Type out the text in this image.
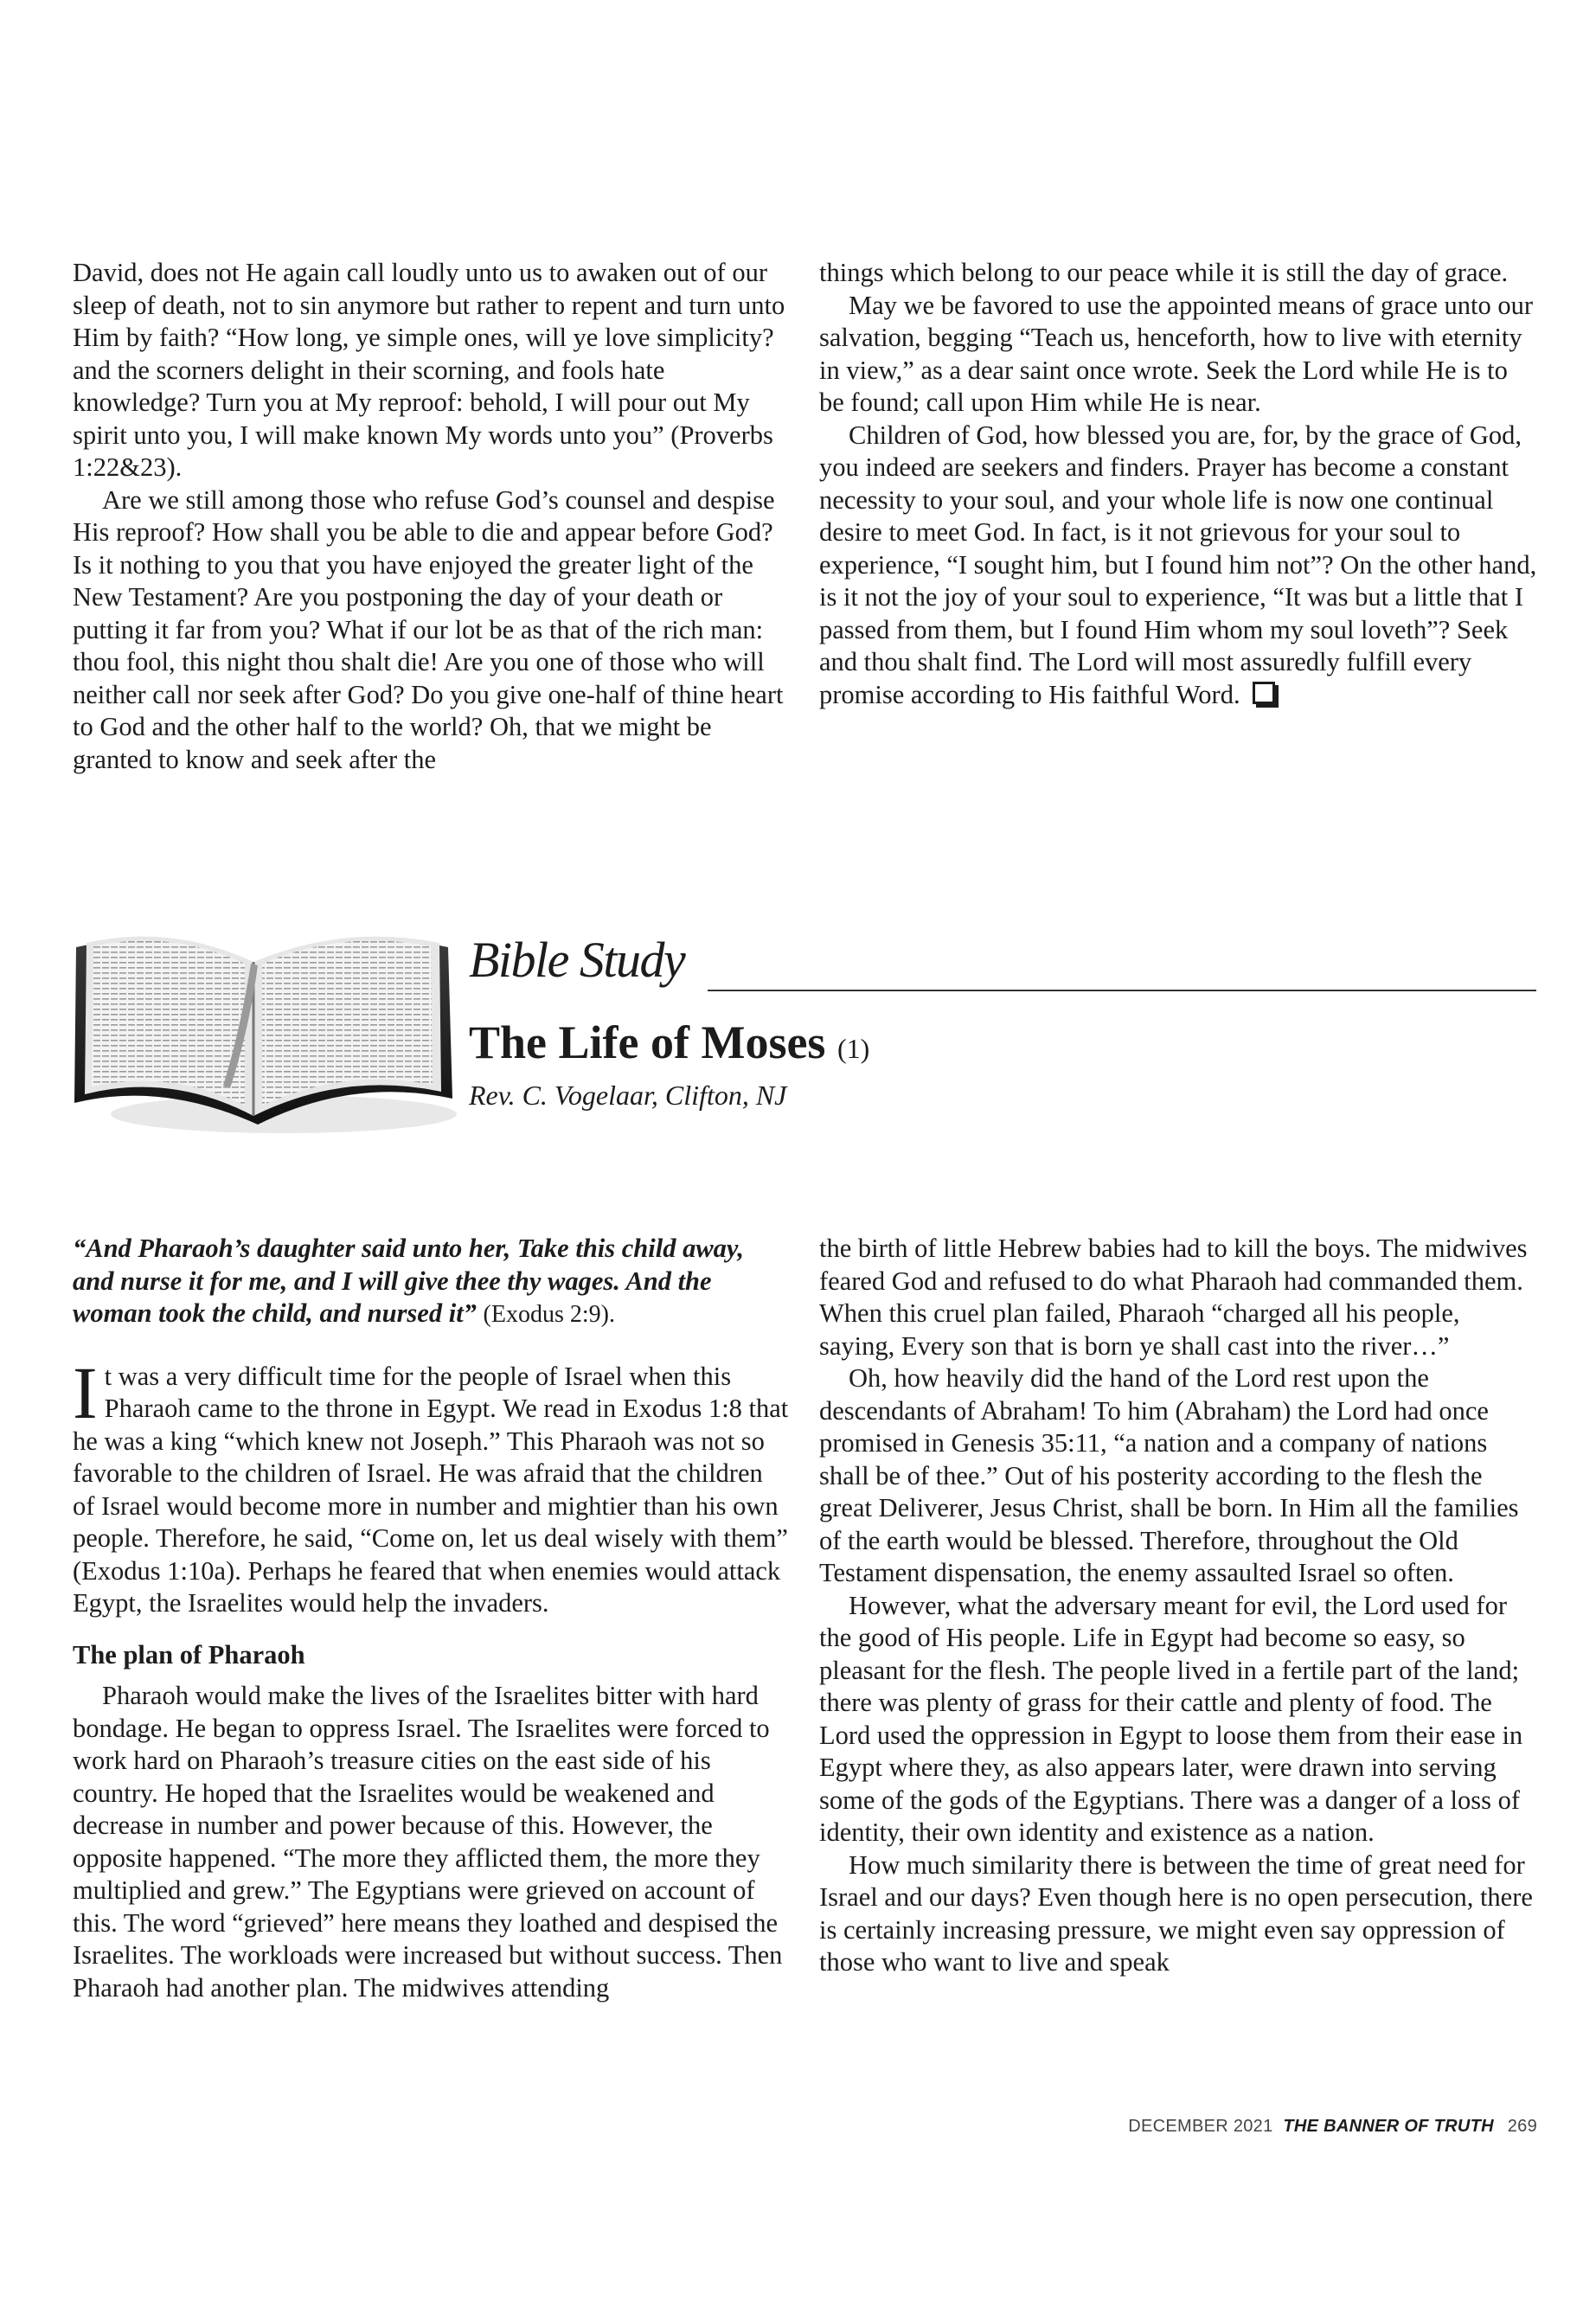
David, does not He again call loudly unto us to awaken out of our sleep of death, not to sin anymore but rather to repent and turn unto Him by faith? “How long, ye simple ones, will ye love simplicity? and the scorners delight in their scorning, and fools hate knowledge? Turn you at My reproof: behold, I will pour out My spirit unto you, I will make known My words unto you” (Proverbs 1:22&23).

Are we still among those who refuse God’s counsel and despise His reproof? How shall you be able to die and appear before God? Is it nothing to you that you have enjoyed the greater light of the New Testament? Are you postponing the day of your death or putting it far from you? What if our lot be as that of the rich man: thou fool, this night thou shalt die! Are you one of those who will neither call nor seek after God? Do you give one-half of thine heart to God and the other half to the world? Oh, that we might be granted to know and seek after the

things which belong to our peace while it is still the day of grace.

May we be favored to use the appointed means of grace unto our salvation, begging “Teach us, henceforth, how to live with eternity in view,” as a dear saint once wrote. Seek the Lord while He is to be found; call upon Him while He is near.

Children of God, how blessed you are, for, by the grace of God, you indeed are seekers and finders. Prayer has become a constant necessity to your soul, and your whole life is now one continual desire to meet God. In fact, is it not grievous for your soul to experience, “I sought him, but I found him not”? On the other hand, is it not the joy of your soul to experience, “It was but a little that I passed from them, but I found Him whom my soul loveth”? Seek and thou shalt find. The Lord will most assuredly fulfill every promise according to His faithful Word.

Bible Study
The Life of Moses (1)
Rev. C. Vogelaar, Clifton, NJ

“And Pharaoh’s daughter said unto her, Take this child away, and nurse it for me, and I will give thee thy wages. And the woman took the child, and nursed it” (Exodus 2:9).

It was a very difficult time for the people of Israel when this Pharaoh came to the throne in Egypt. We read in Exodus 1:8 that he was a king “which knew not Joseph.” This Pharaoh was not so favorable to the children of Israel. He was afraid that the children of Israel would become more in number and mightier than his own people. Therefore, he said, “Come on, let us deal wisely with them” (Exodus 1:10a). Perhaps he feared that when enemies would attack Egypt, the Israelites would help the invaders.

The plan of Pharaoh

Pharaoh would make the lives of the Israelites bitter with hard bondage. He began to oppress Israel. The Israelites were forced to work hard on Pharaoh’s treasure cities on the east side of his country. He hoped that the Israelites would be weakened and decrease in number and power because of this. However, the opposite happened. “The more they afflicted them, the more they multiplied and grew.” The Egyptians were grieved on account of this. The word “grieved” here means they loathed and despised the Israelites. The workloads were increased but without success. Then Pharaoh had another plan. The midwives attending

the birth of little Hebrew babies had to kill the boys. The midwives feared God and refused to do what Pharaoh had commanded them. When this cruel plan failed, Pharaoh “charged all his people, saying, Every son that is born ye shall cast into the river…”

Oh, how heavily did the hand of the Lord rest upon the descendants of Abraham! To him (Abraham) the Lord had once promised in Genesis 35:11, “a nation and a company of nations shall be of thee.” Out of his posterity according to the flesh the great Deliverer, Jesus Christ, shall be born. In Him all the families of the earth would be blessed. Therefore, throughout the Old Testament dispensation, the enemy assaulted Israel so often.

However, what the adversary meant for evil, the Lord used for the good of His people. Life in Egypt had become so easy, so pleasant for the flesh. The people lived in a fertile part of the land; there was plenty of grass for their cattle and plenty of food. The Lord used the oppression in Egypt to loose them from their ease in Egypt where they, as also appears later, were drawn into serving some of the gods of the Egyptians. There was a danger of a loss of identity, their own identity and existence as a nation.

How much similarity there is between the time of great need for Israel and our days? Even though here is no open persecution, there is certainly increasing pressure, we might even say oppression of those who want to live and speak

DECEMBER 2021 THE BANNER OF TRUTH 269
